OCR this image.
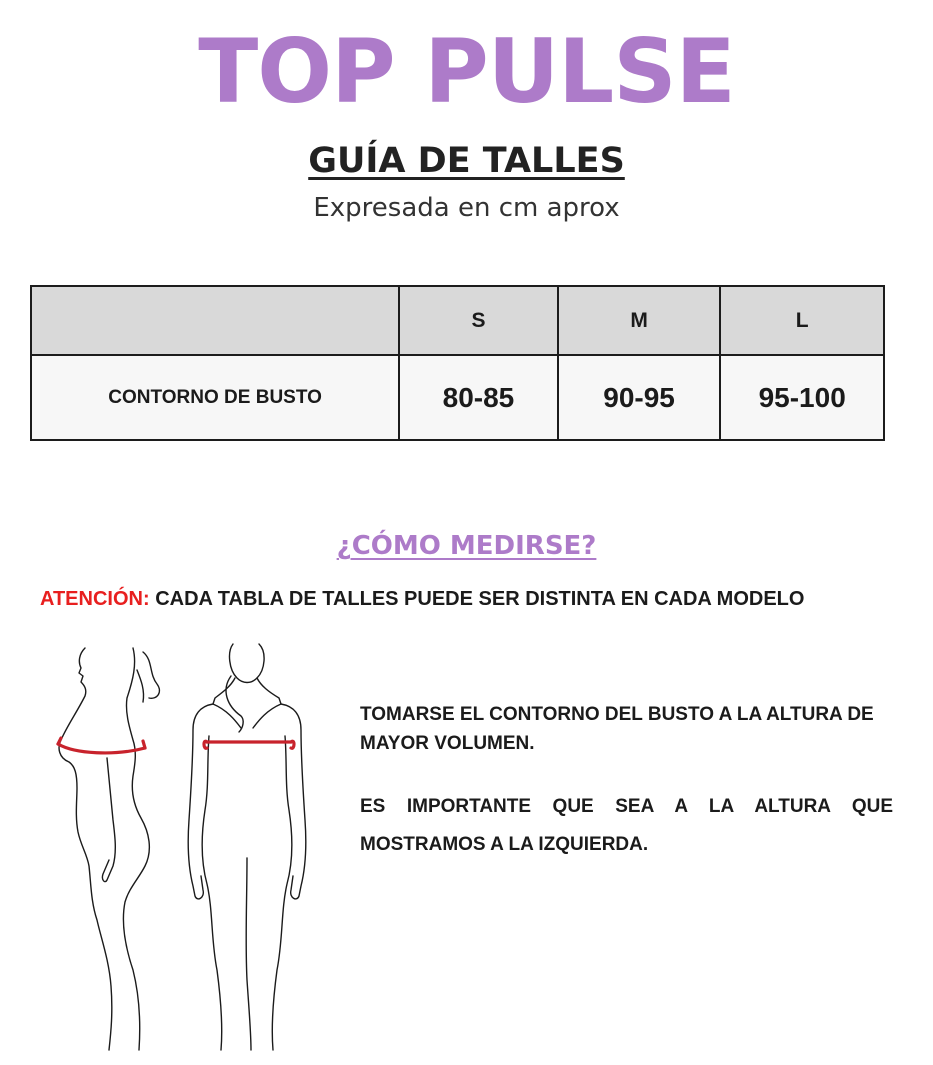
TOP PULSE
GUÍA DE TALLES
Expresada en cm aprox
	S	M	L
CONTORNO DE BUSTO	80-85	90-95	95-100
¿CÓMO MEDIRSE?
ATENCIÓN: CADA TABLA DE TALLES PUEDE SER DISTINTA EN CADA MODELO
TOMARSE EL CONTORNO DEL BUSTO A LA ALTURA DE MAYOR VOLUMEN.
ES IMPORTANTE QUE SEA A LA ALTURA QUE MOSTRAMOS A LA IZQUIERDA.
